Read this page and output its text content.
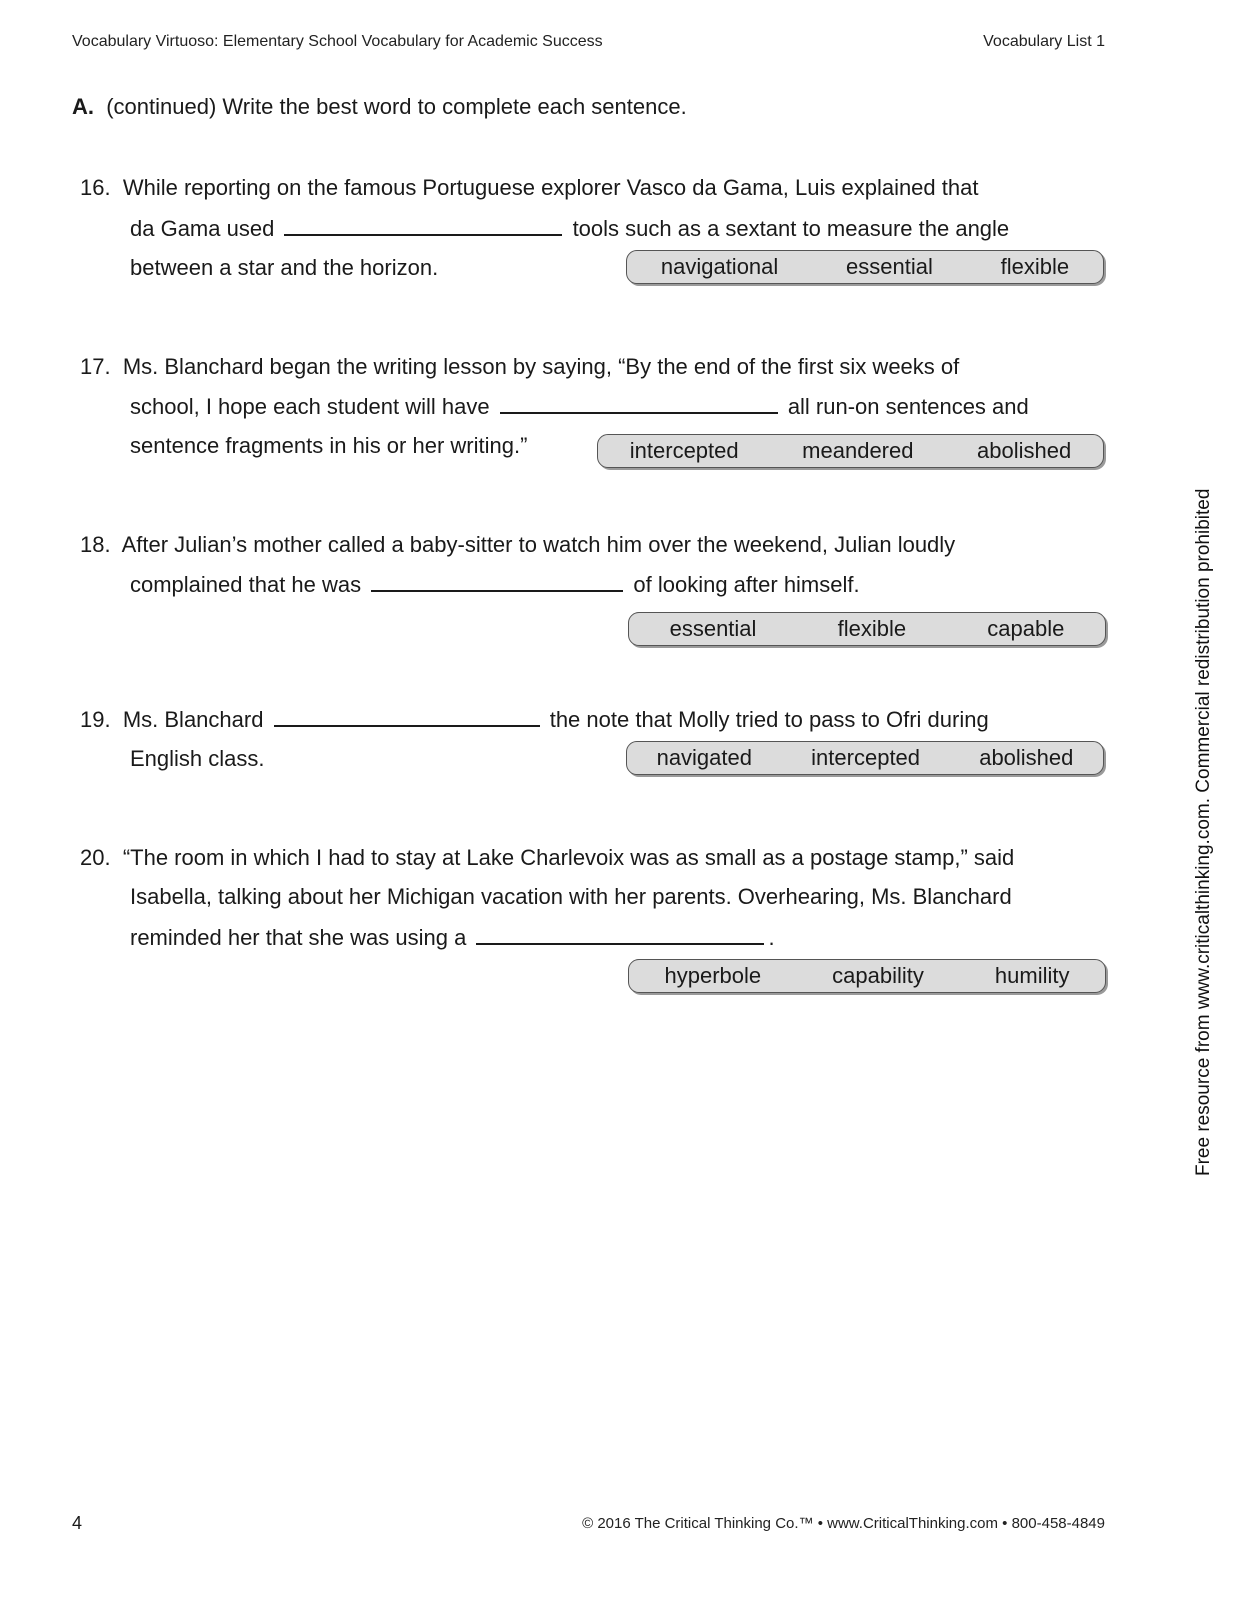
Vocabulary Virtuoso: Elementary School Vocabulary for Academic Success	Vocabulary List 1
A. (continued) Write the best word to complete each sentence.
16. While reporting on the famous Portuguese explorer Vasco da Gama, Luis explained that
da Gama used	tools such as a sextant to measure the angle
between a star and the horizon.	navigational	essential	flexible
17. Ms. Blanchard began the writing lesson by saying, “By the end of the first six weeks of
school, I hope each student will have	all run-on sentences and
sentence fragments in his or her writing.”	intercepted	meandered	abolished
18. After Julian’s mother called a baby-sitter to watch him over the weekend, Julian loudly
complained that he was	of looking after himself.
essential	flexible	capable
19. Ms. Blanchard	the note that Molly tried to pass to Ofri during
English class.	navigated	intercepted	abolished
20. “The room in which I had to stay at Lake Charlevoix was as small as a postage stamp,” said
Isabella, talking about her Michigan vacation with her parents. Overhearing, Ms. Blanchard
reminded her that she was using a	.
hyperbole	capability	humility	Free resource from www.criticalthinking.com. Commercial redistribution prohibited
4	© 2016 The Critical Thinking Co.™ • www.CriticalThinking.com • 800-458-4849
